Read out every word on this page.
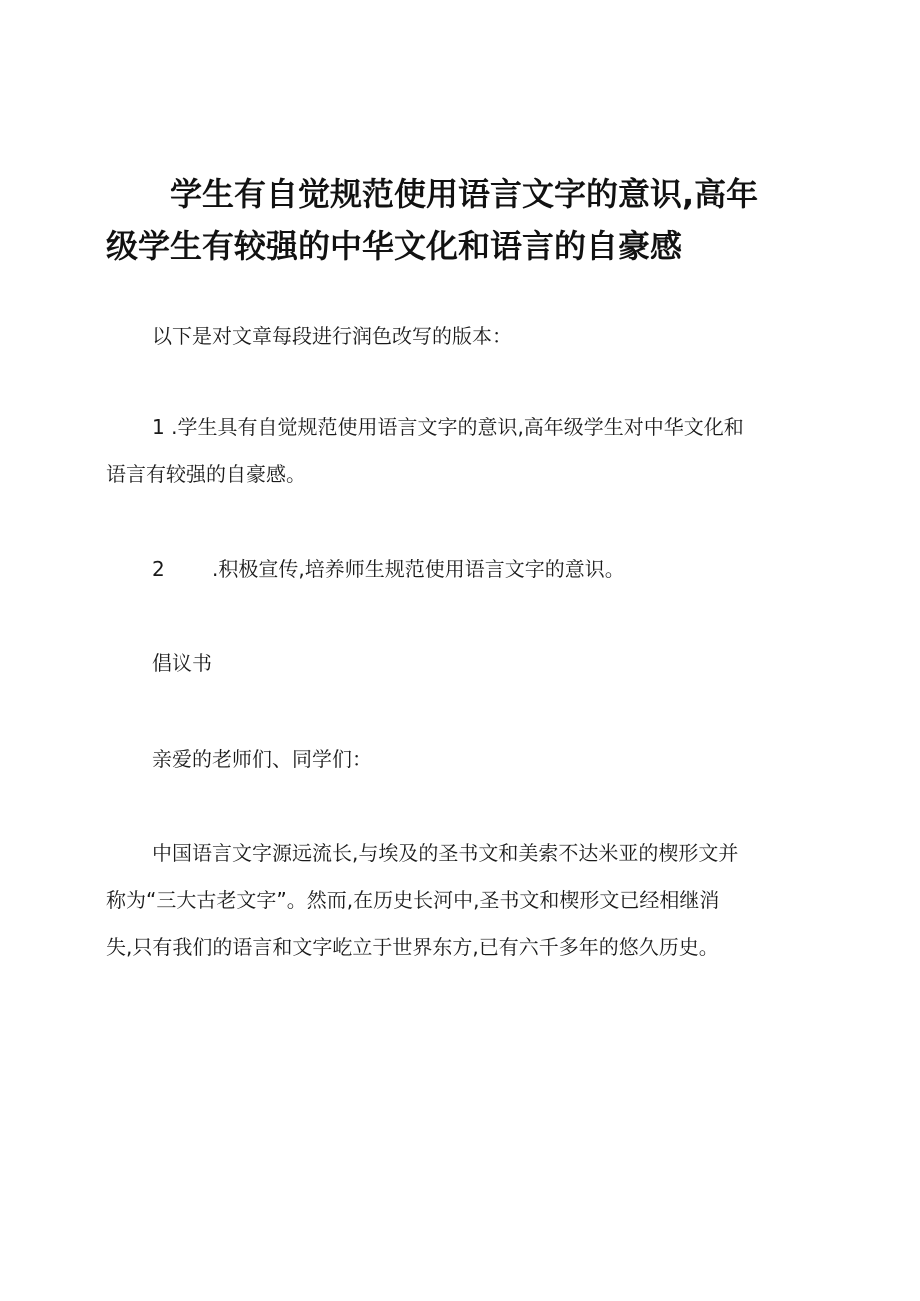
学生有自觉规范使用语言文字的意识,高年
级学生有较强的中华文化和语言的自豪感
以下是对文章每段进行润色改写的版本：
1 .学生具有自觉规范使用语言文字的意识,高年级学生对中华文化和
语言有较强的自豪感。
2 .积极宣传,培养师生规范使用语言文字的意识。
倡议书
亲爱的老师们、同学们：
中国语言文字源远流长,与埃及的圣书文和美索不达米亚的楔形文并
称为“三大古老文字”。然而,在历史长河中,圣书文和楔形文已经相继消
失,只有我们的语言和文字屹立于世界东方,已有六千多年的悠久历史。
